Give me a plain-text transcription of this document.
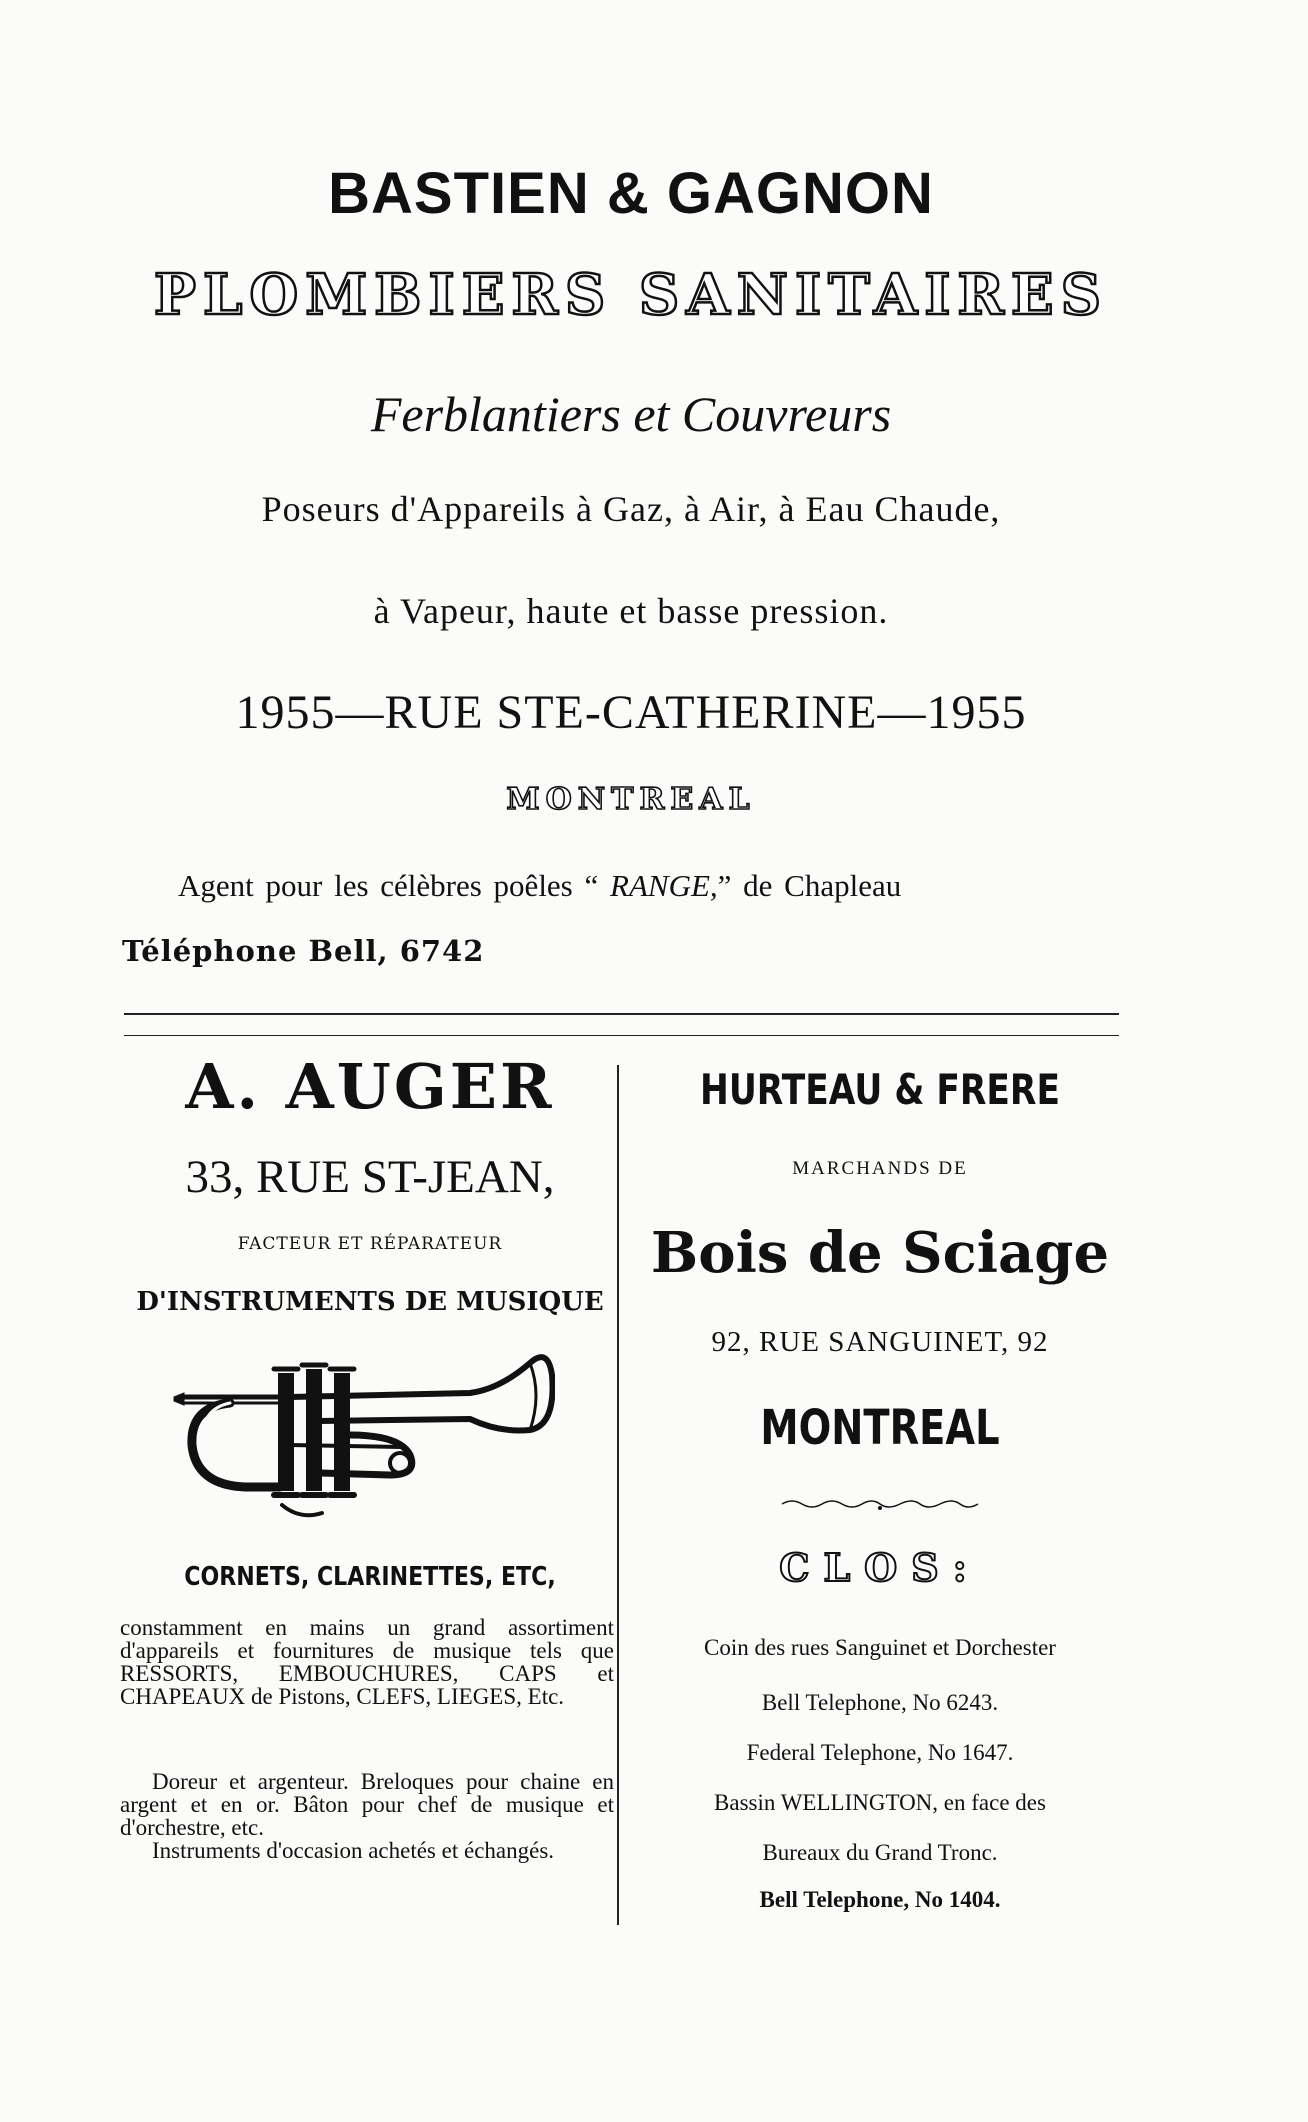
BASTIEN & GAGNON
PLOMBIERS SANITAIRES
Ferblantiers et Couvreurs
Poseurs d'Appareils à Gaz, à Air, à Eau Chaude,
à Vapeur, haute et basse pression.
1955—RUE STE-CATHERINE—1955
MONTREAL
Agent pour les célèbres poêles “ RANGE,” de Chapleau
Téléphone Bell, 6742
A. AUGER
33, RUE ST-JEAN,
FACTEUR ET RÉPARATEUR
D'INSTRUMENTS DE MUSIQUE
CORNETS, CLARINETTES, ETC,
constamment en mains un grand assortiment d'appareils et fournitures de musique tels que RESSORTS, EMBOUCHURES, CAPS et CHAPEAUX de Pistons, CLEFS, LIEGES, Etc.
Doreur et argenteur. Breloques pour chaine en argent et en or. Bâton pour chef de musique et d'orchestre, etc.
Instruments d'occasion achetés et échangés.
HURTEAU & FRERE
MARCHANDS DE
Bois de Sciage
92, RUE SANGUINET, 92
MONTREAL
CLOS:
Coin des rues Sanguinet et Dorchester
Bell Telephone, No 6243.
Federal Telephone, No 1647.
Bassin WELLINGTON, en face des
Bureaux du Grand Tronc.
Bell Telephone, No 1404.
